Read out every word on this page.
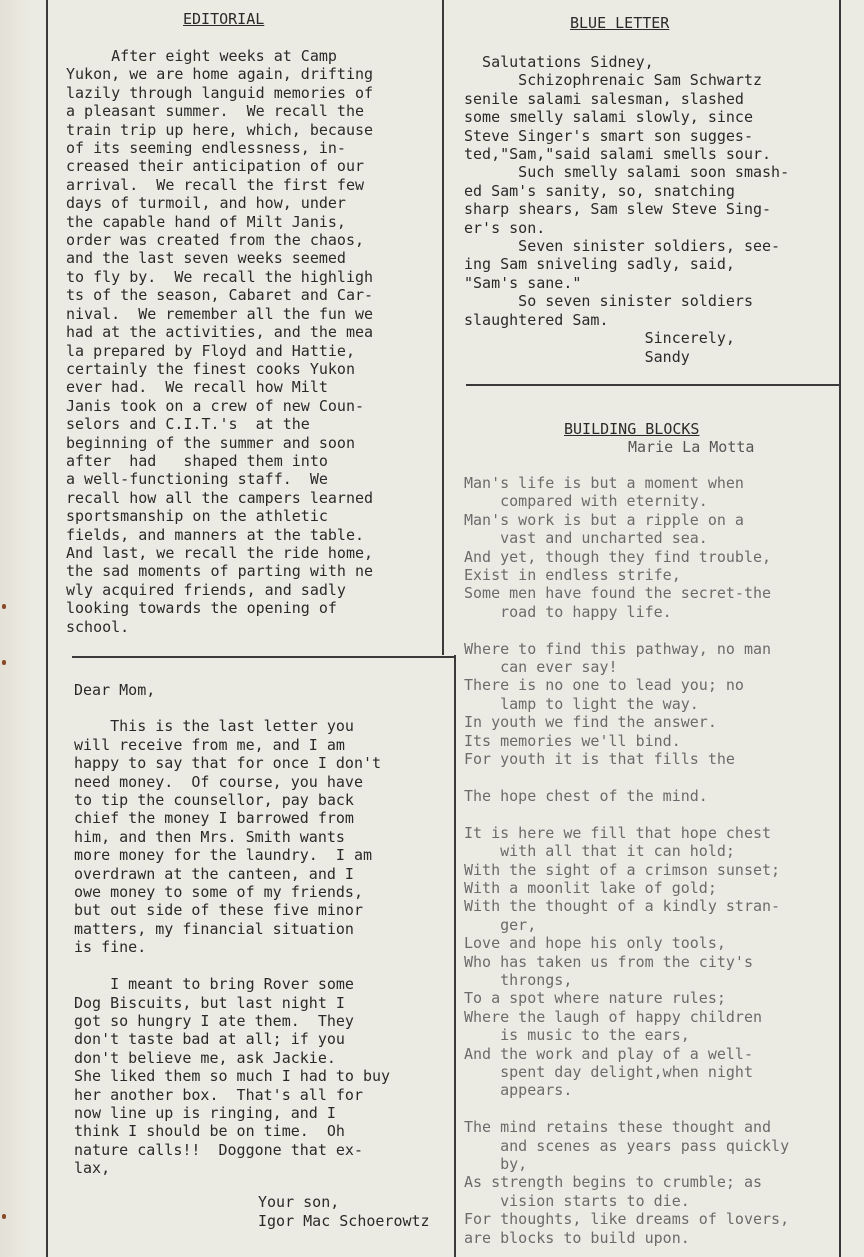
EDITORIAL

After eight weeks at Camp

Yukon, we are home again, drifting

lazily through languid memories of

a pleasant summer.  We recall the

train trip up here, which, because

of its seeming endlessness, in-

creased their anticipation of our

arrival.  We recall the first few

days of turmoil, and how, under

the capable hand of Milt Janis,

order was created from the chaos,

and the last seven weeks seemed

to fly by.  We recall the highligh

ts of the season, Cabaret and Car-

nival.  We remember all the fun we

had at the activities, and the mea

la prepared by Floyd and Hattie,

certainly the finest cooks Yukon

ever had.  We recall how Milt

Janis took on a crew of new Coun-

selors and C.I.T.'s  at the

beginning of the summer and soon

after  had   shaped them into

a well-functioning staff.  We

recall how all the campers learned

sportsmanship on the athletic

fields, and manners at the table.

And last, we recall the ride home,

the sad moments of parting with ne

wly acquired friends, and sadly

looking towards the opening of

school.

Dear Mom,

This is the last letter you

will receive from me, and I am

happy to say that for once I don't

need money.  Of course, you have

to tip the counsellor, pay back

chief the money I barrowed from

him, and then Mrs. Smith wants

more money for the laundry.  I am

overdrawn at the canteen, and I

owe money to some of my friends,

but out side of these five minor

matters, my financial situation

is fine.

I meant to bring Rover some

Dog Biscuits, but last night I

got so hungry I ate them.  They

don't taste bad at all; if you

don't believe me, ask Jackie.

She liked them so much I had to buy

her another box.  That's all for

now line up is ringing, and I

think I should be on time.  Oh

nature calls!!  Doggone that ex-

lax,

Your son,
Igor Mac Schoerowtz
BLUE LETTER

Salutations Sidney,

Schizophrenaic Sam Schwartz

senile salami salesman, slashed

some smelly salami slowly, since

Steve Singer's smart son sugges-

ted,"Sam,"said salami smells sour.

Such smelly salami soon smash-

ed Sam's sanity, so, snatching

sharp shears, Sam slew Steve Sing-

er's son.

Seven sinister soldiers, see-

ing Sam sniveling sadly, said,

"Sam's sane."

So seven sinister soldiers

slaughtered Sam.

Sincerely,

Sandy

BUILDING BLOCKS
Marie La Motta

Man's life is but a moment when

compared with eternity.

Man's work is but a ripple on a

vast and uncharted sea.

And yet, though they find trouble,

Exist in endless strife,

Some men have found the secret-the

road to happy life.

Where to find this pathway, no man

can ever say!

There is no one to lead you; no

lamp to light the way.

In youth we find the answer.

Its memories we'll bind.

For youth it is that fills the

The hope chest of the mind.

It is here we fill that hope chest

with all that it can hold;

With the sight of a crimson sunset;

With a moonlit lake of gold;

With the thought of a kindly stran-

ger,

Love and hope his only tools,

Who has taken us from the city's

throngs,

To a spot where nature rules;

Where the laugh of happy children

is music to the ears,

And the work and play of a well-

spent day delight,when night

appears.

The mind retains these thought and

and scenes as years pass quickly

by,

As strength begins to crumble; as

vision starts to die.

For thoughts, like dreams of lovers,

are blocks to build upon.
